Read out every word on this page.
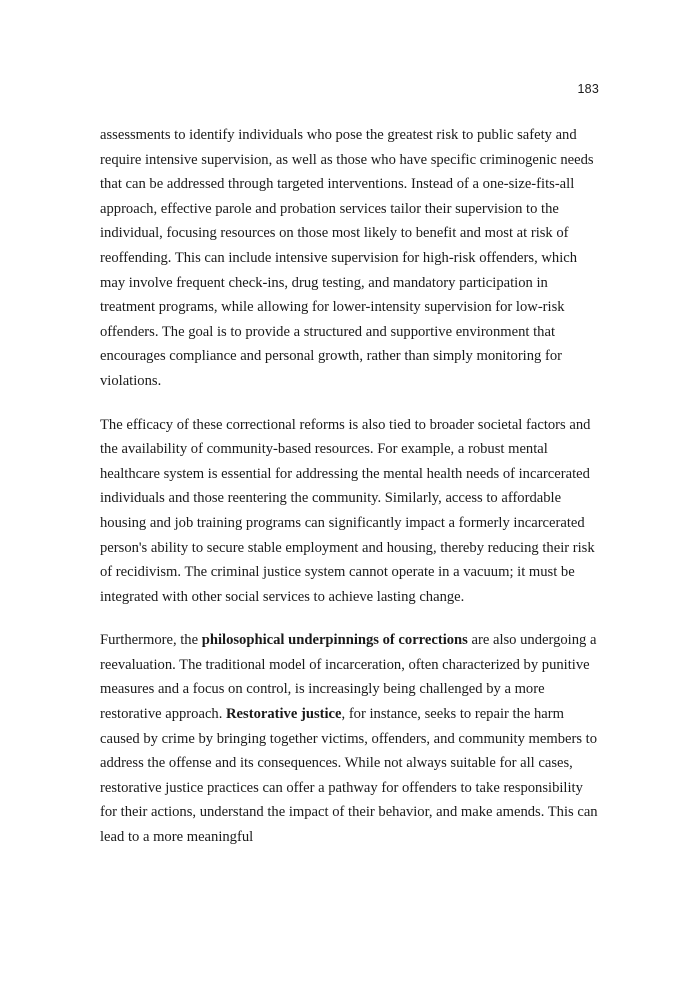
183

assessments to identify individuals who pose the greatest risk to public safety and require intensive supervision, as well as those who have specific criminogenic needs that can be addressed through targeted interventions. Instead of a one-size-fits-all approach, effective parole and probation services tailor their supervision to the individual, focusing resources on those most likely to benefit and most at risk of reoffending. This can include intensive supervision for high-risk offenders, which may involve frequent check-ins, drug testing, and mandatory participation in treatment programs, while allowing for lower-intensity supervision for low-risk offenders. The goal is to provide a structured and supportive environment that encourages compliance and personal growth, rather than simply monitoring for violations.

The efficacy of these correctional reforms is also tied to broader societal factors and the availability of community-based resources. For example, a robust mental healthcare system is essential for addressing the mental health needs of incarcerated individuals and those reentering the community. Similarly, access to affordable housing and job training programs can significantly impact a formerly incarcerated person's ability to secure stable employment and housing, thereby reducing their risk of recidivism. The criminal justice system cannot operate in a vacuum; it must be integrated with other social services to achieve lasting change.

Furthermore, the philosophical underpinnings of corrections are also undergoing a reevaluation. The traditional model of incarceration, often characterized by punitive measures and a focus on control, is increasingly being challenged by a more restorative approach. Restorative justice, for instance, seeks to repair the harm caused by crime by bringing together victims, offenders, and community members to address the offense and its consequences. While not always suitable for all cases, restorative justice practices can offer a pathway for offenders to take responsibility for their actions, understand the impact of their behavior, and make amends. This can lead to a more meaningful
